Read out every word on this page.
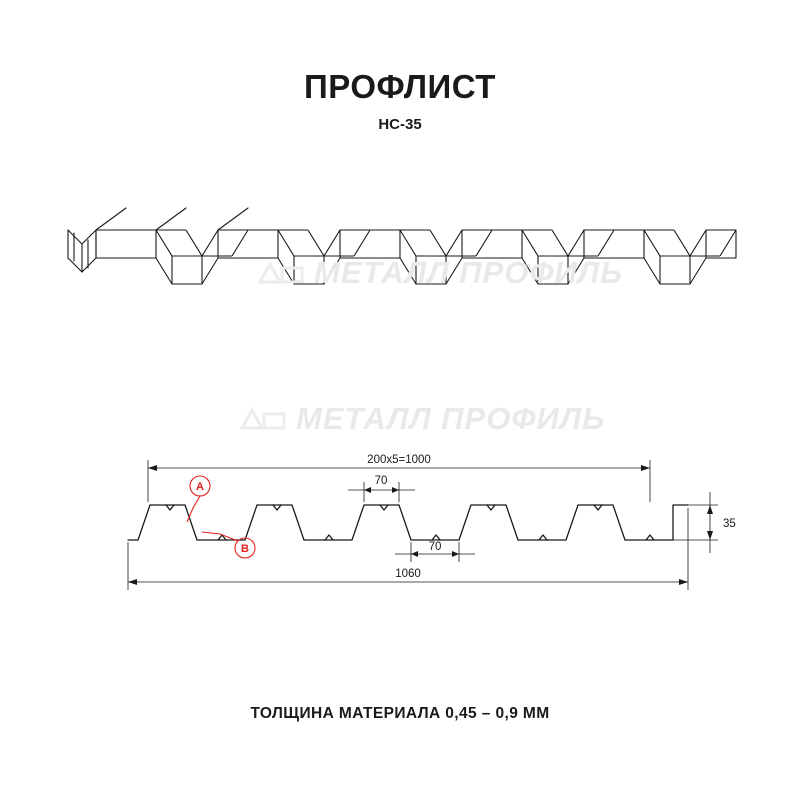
ПРОФЛИСТ
НС-35
МЕТАЛЛ ПРОФИЛЬ
МЕТАЛЛ ПРОФИЛЬ
200х5=1000
70
70
35
1060
A
B
ТОЛЩИНА МАТЕРИАЛА 0,45 – 0,9 ММ
